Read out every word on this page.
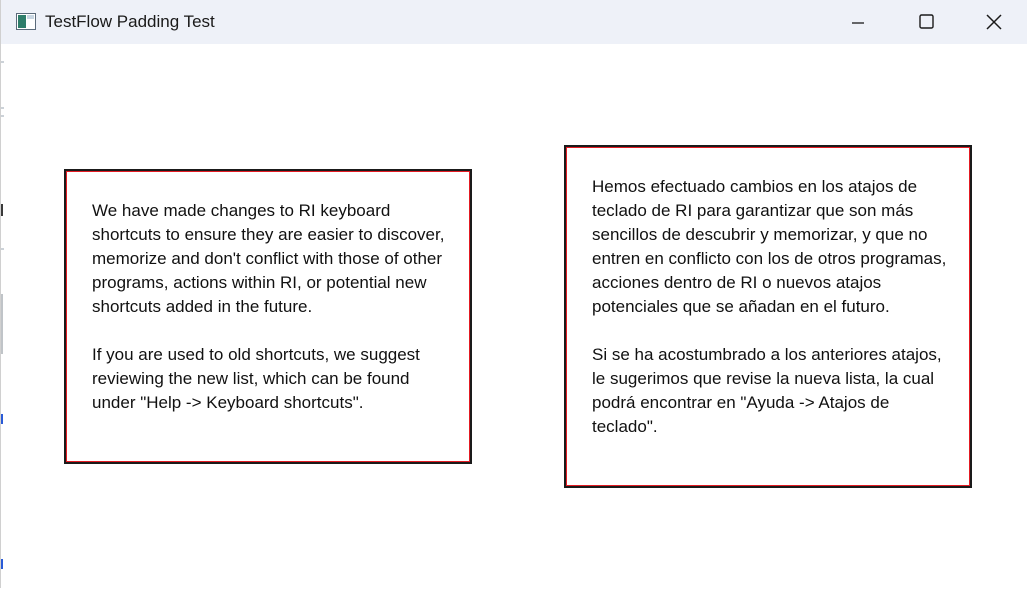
TestFlow Padding Test

We have made changes to RI keyboard shortcuts to ensure they are easier to discover, memorize and don't conflict with those of other programs, actions within RI, or potential new shortcuts added in the future.

If you are used to old shortcuts, we suggest reviewing the new list, which can be found under "Help -> Keyboard shortcuts".

Hemos efectuado cambios en los atajos de teclado de RI para garantizar que son más sencillos de descubrir y memorizar, y que no entren en conflicto con los de otros programas, acciones dentro de RI o nuevos atajos potenciales que se añadan en el futuro.

Si se ha acostumbrado a los anteriores atajos, le sugerimos que revise la nueva lista, la cual podrá encontrar en "Ayuda -> Atajos de teclado".
